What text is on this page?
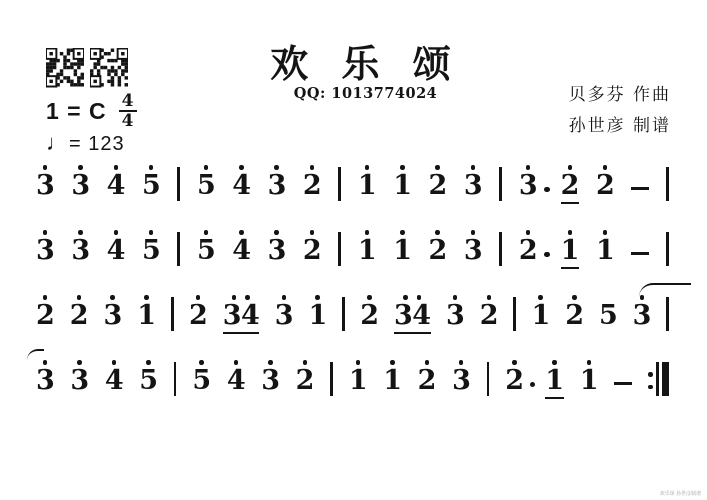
1 = C $\frac{4}{4}$
♩= 123
欢 乐 颂
QQ: 1013774024	贝多芬 作曲
孙世彦 制谱
3 3 4 5 5 4 3 2 1 1 2 3 3 2 2
3 3 4 5 5 4 3 2 1 1 2 3 2 1 1
2 2 3 1 2 34 3 1 2 34 3 2 1 2 5 3
3 3 4 5 5 4 3 2 1 1 2 3 2 1 1
欢乐颂 孙世彦制谱
